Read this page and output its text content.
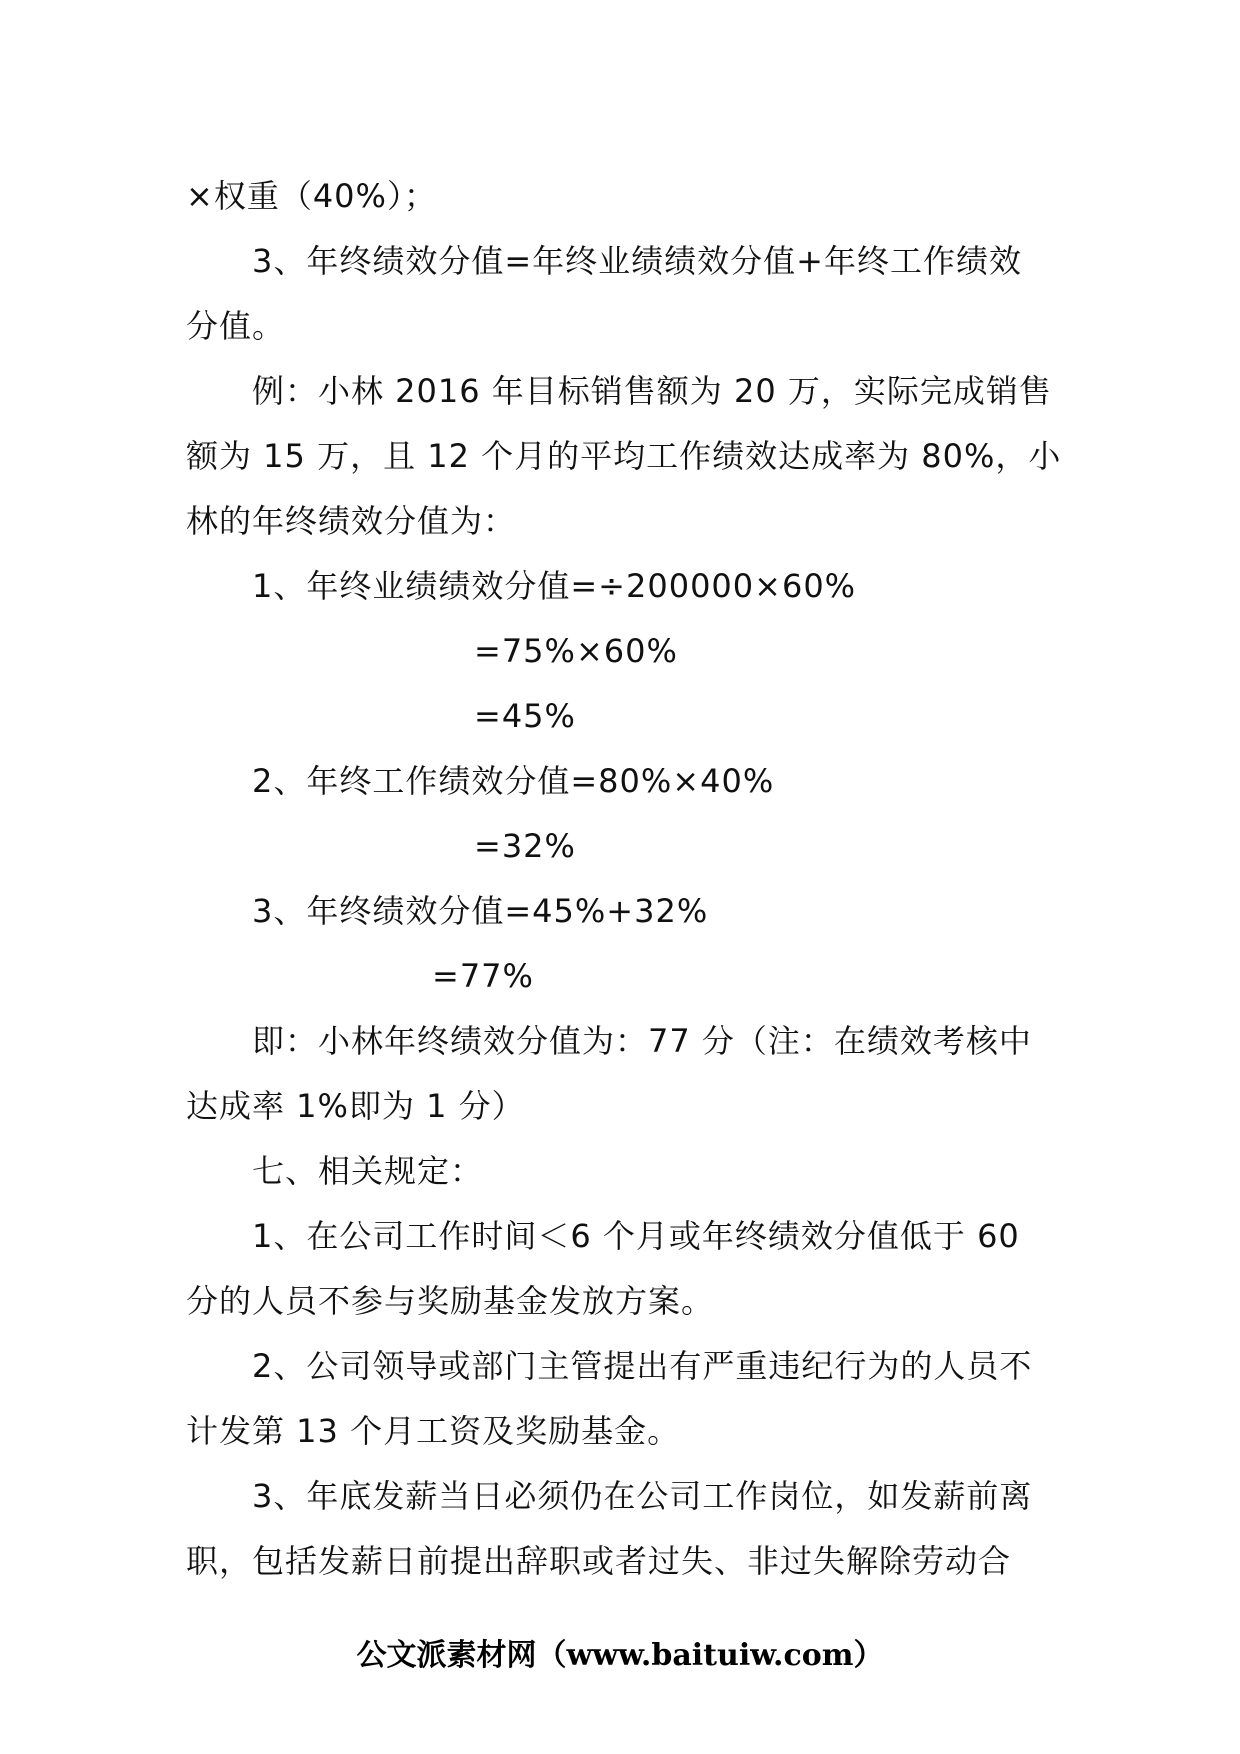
×权重（40%）；
3、年终绩效分值=年终业绩绩效分值+年终工作绩效
分值。
例：小林 2016 年目标销售额为 20 万，实际完成销售
额为 15 万，且 12 个月的平均工作绩效达成率为 80%，小
林的年终绩效分值为：
1、年终业绩绩效分值=÷200000×60%
=75%×60%
=45%
2、年终工作绩效分值=80%×40%
=32%
3、年终绩效分值=45%+32%
=77%
即：小林年终绩效分值为：77 分（注：在绩效考核中
达成率 1%即为 1 分）
七、相关规定：
1、在公司工作时间＜6 个月或年终绩效分值低于 60
分的人员不参与奖励基金发放方案。
2、公司领导或部门主管提出有严重违纪行为的人员不
计发第 13 个月工资及奖励基金。
3、年底发薪当日必须仍在公司工作岗位，如发薪前离
职，包括发薪日前提出辞职或者过失、非过失解除劳动合
公文派素材网（www.baituiw.com）
